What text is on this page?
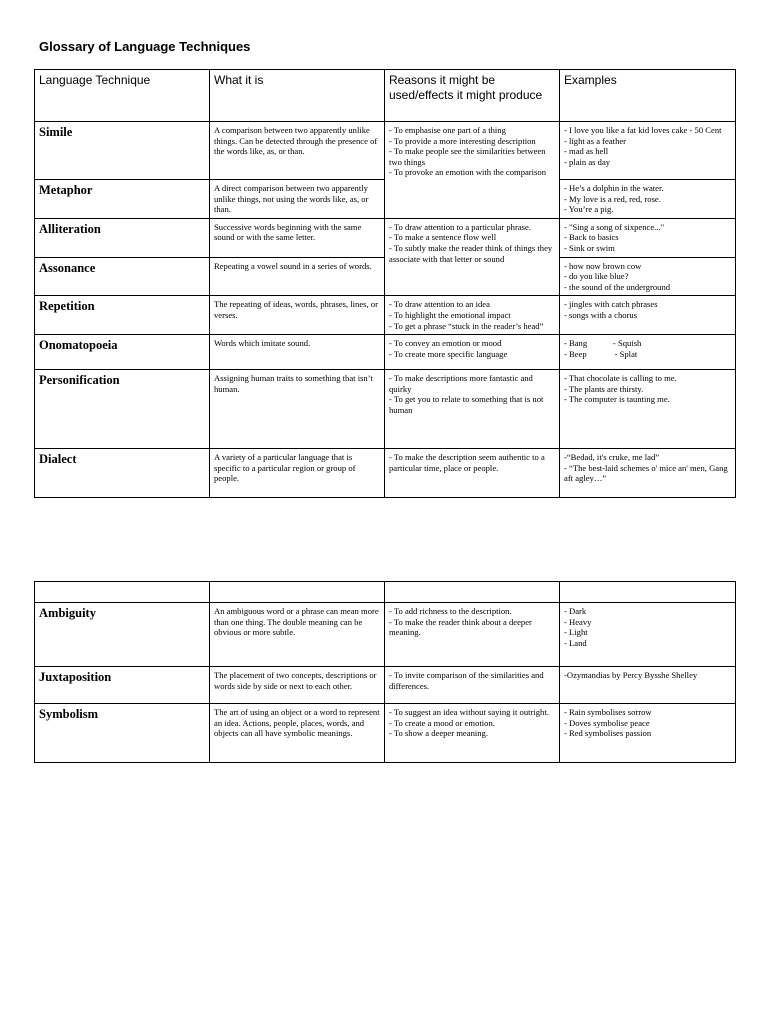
Glossary of Language Techniques
Language Technique	What it is	Reasons it might be used/effects it might produce	Examples
Simile	A comparison between two apparently unlike things. Can be detected through the presence of the words like, as, or than.	- To emphasise one part of a thing
- To provide a more interesting description
- To make people see the similarities between two things
- To provoke an emotion with the comparison	- I love you like a fat kid loves cake - 50 Cent
- light as a feather
- mad as hell
- plain as day

Metaphor	A direct comparison between two apparently unlike things, not using the words like, as, or than.		- He’s a dolphin in the water.
- My love is a red, red, rose.
- You’re a pig.

Alliteration	Successive words beginning with the same sound or with the same letter.	- To draw attention to a particular phrase.
- To make a sentence flow well
- To subtly make the reader think of things they associate with that letter or sound	- "Sing a song of sixpence..."
- Back to basics
- Sink or swim

Assonance	Repeating a vowel sound in a series of words.		- how now brown cow
- do you like blue?
- the sound of the underground

Repetition	The repeating of ideas, words, phrases, lines, or verses.	- To draw attention to an idea
- To highlight the emotional impact
- To get a phrase “stuck in the reader’s head”	- jingles with catch phrases
- songs with a chorus

Onomatopoeia	Words which imitate sound.	- To convey an emotion or mood
- To create more specific language	- Bang            - Squish
- Beep             - Splat

Personification	Assigning human traits to something that isn’t human.	- To make descriptions more fantastic and quirky
- To get you to relate to something that is not human	- That chocolate is calling to me.
- The plants are thirsty.
- The computer is taunting me.

Dialect	A variety of a particular language that is specific to a particular region or group of people.	- To make the description seem authentic to a particular time, place or people.	-“Bedad, it's cruke, me lad”
- “The best-laid schemes o' mice an' men, Gang aft agley…”

Ambiguity	An ambiguous word or a phrase can mean more than one thing. The double meaning can be obvious or more subtle.	- To add richness to the description.
- To make the reader think about a deeper meaning.	- Dark
- Heavy
- Light
- Land

Juxtaposition	The placement of two concepts, descriptions or words side by side or next to each other.	- To invite comparison of the similarities and differences.	-Ozymandias by Percy Bysshe Shelley

Symbolism	The art of using an object or a word to represent an idea. Actions, people, places, words, and objects can all have symbolic meanings.	- To suggest an idea without saying it outright.
- To create a mood or emotion.
- To show a deeper meaning.	- Rain symbolises sorrow
- Doves symbolise peace
- Red symbolises passion
